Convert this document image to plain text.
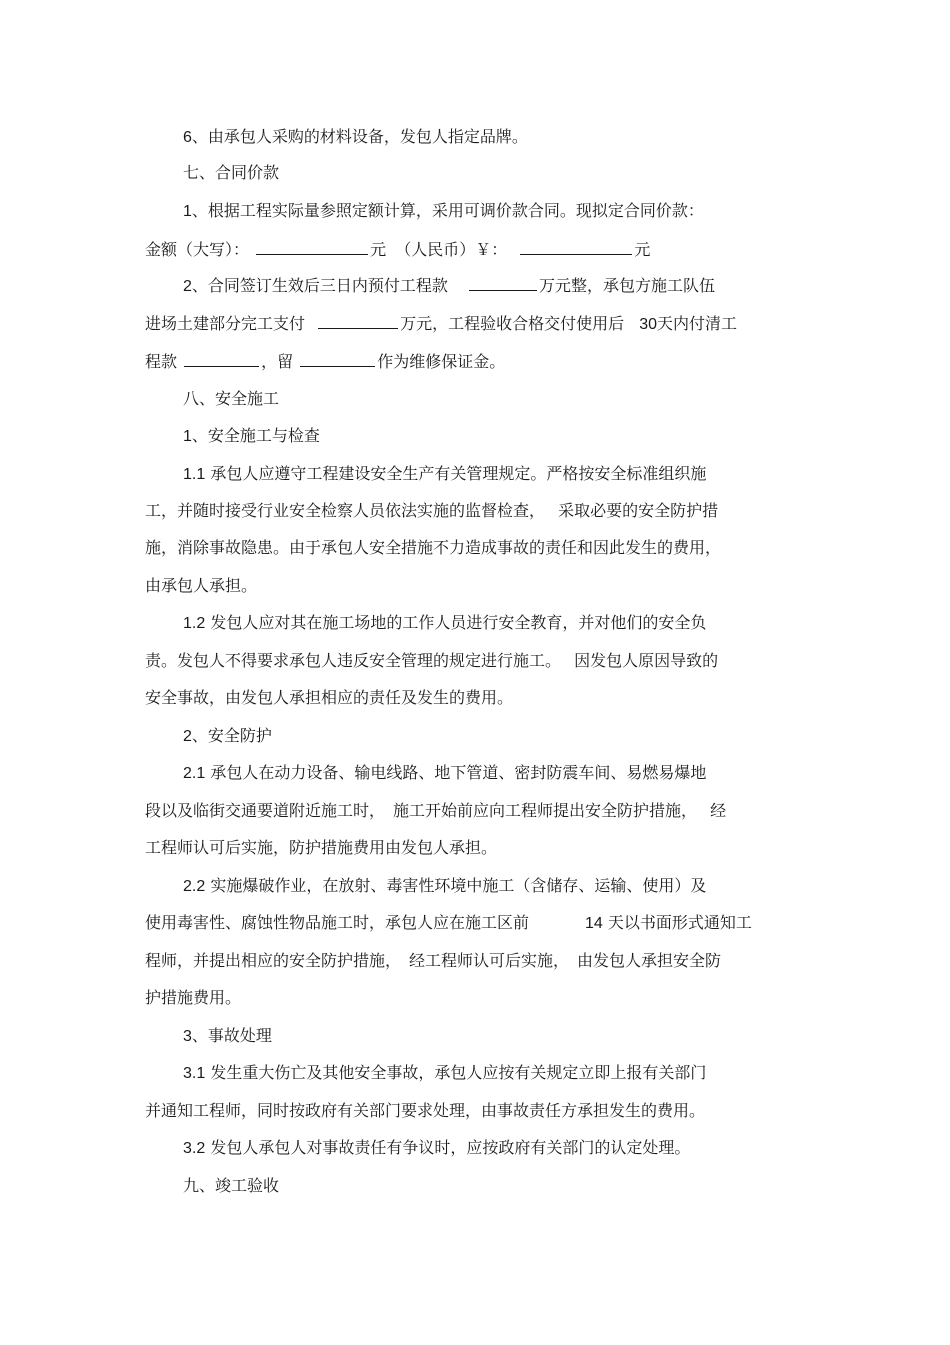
6、由承包人采购的材料设备，发包人指定品牌。
七、合同价款
1、根据工程实际量参照定额计算，采用可调价款合同。现拟定合同价款：
金额（大写）：	元 （人民币）￥：	元
2、合同签订生效后三日内预付工程款	万元整，承包方施工队伍
进场土建部分完工支付	万元，工程验收合格交付使用后 30天内付清工
程款	，留	作为维修保证金。
八、安全施工
1、安全施工与检查
1.1 承包人应遵守工程建设安全生产有关管理规定。严格按安全标准组织施
工，并随时接受行业安全检察人员依法实施的监督检查，　 采取必要的安全防护措
施，消除事故隐患。由于承包人安全措施不力造成事故的责任和因此发生的费用，
由承包人承担。
1.2 发包人应对其在施工场地的工作人员进行安全教育，并对他们的安全负
责。发包人不得要求承包人违反安全管理的规定进行施工。　 因发包人原因导致的
安全事故，由发包人承担相应的责任及发生的费用。
2、安全防护
2.1 承包人在动力设备、输电线路、地下管道、密封防震车间、易燃易爆地
段以及临街交通要道附近施工时，　施工开始前应向工程师提出安全防护措施，　 经
工程师认可后实施，防护措施费用由发包人承担。
2.2 实施爆破作业，在放射、毒害性环境中施工（含储存、运输、使用）及
使用毒害性、腐蚀性物品施工时，承包人应在施工区前	14 天以书面形式通知工
程师，并提出相应的安全防护措施，　经工程师认可后实施，　由发包人承担安全防
护措施费用。
3、事故处理
3.1 发生重大伤亡及其他安全事故，承包人应按有关规定立即上报有关部门
并通知工程师，同时按政府有关部门要求处理，由事故责任方承担发生的费用。
3.2 发包人承包人对事故责任有争议时，应按政府有关部门的认定处理。
九、竣工验收
